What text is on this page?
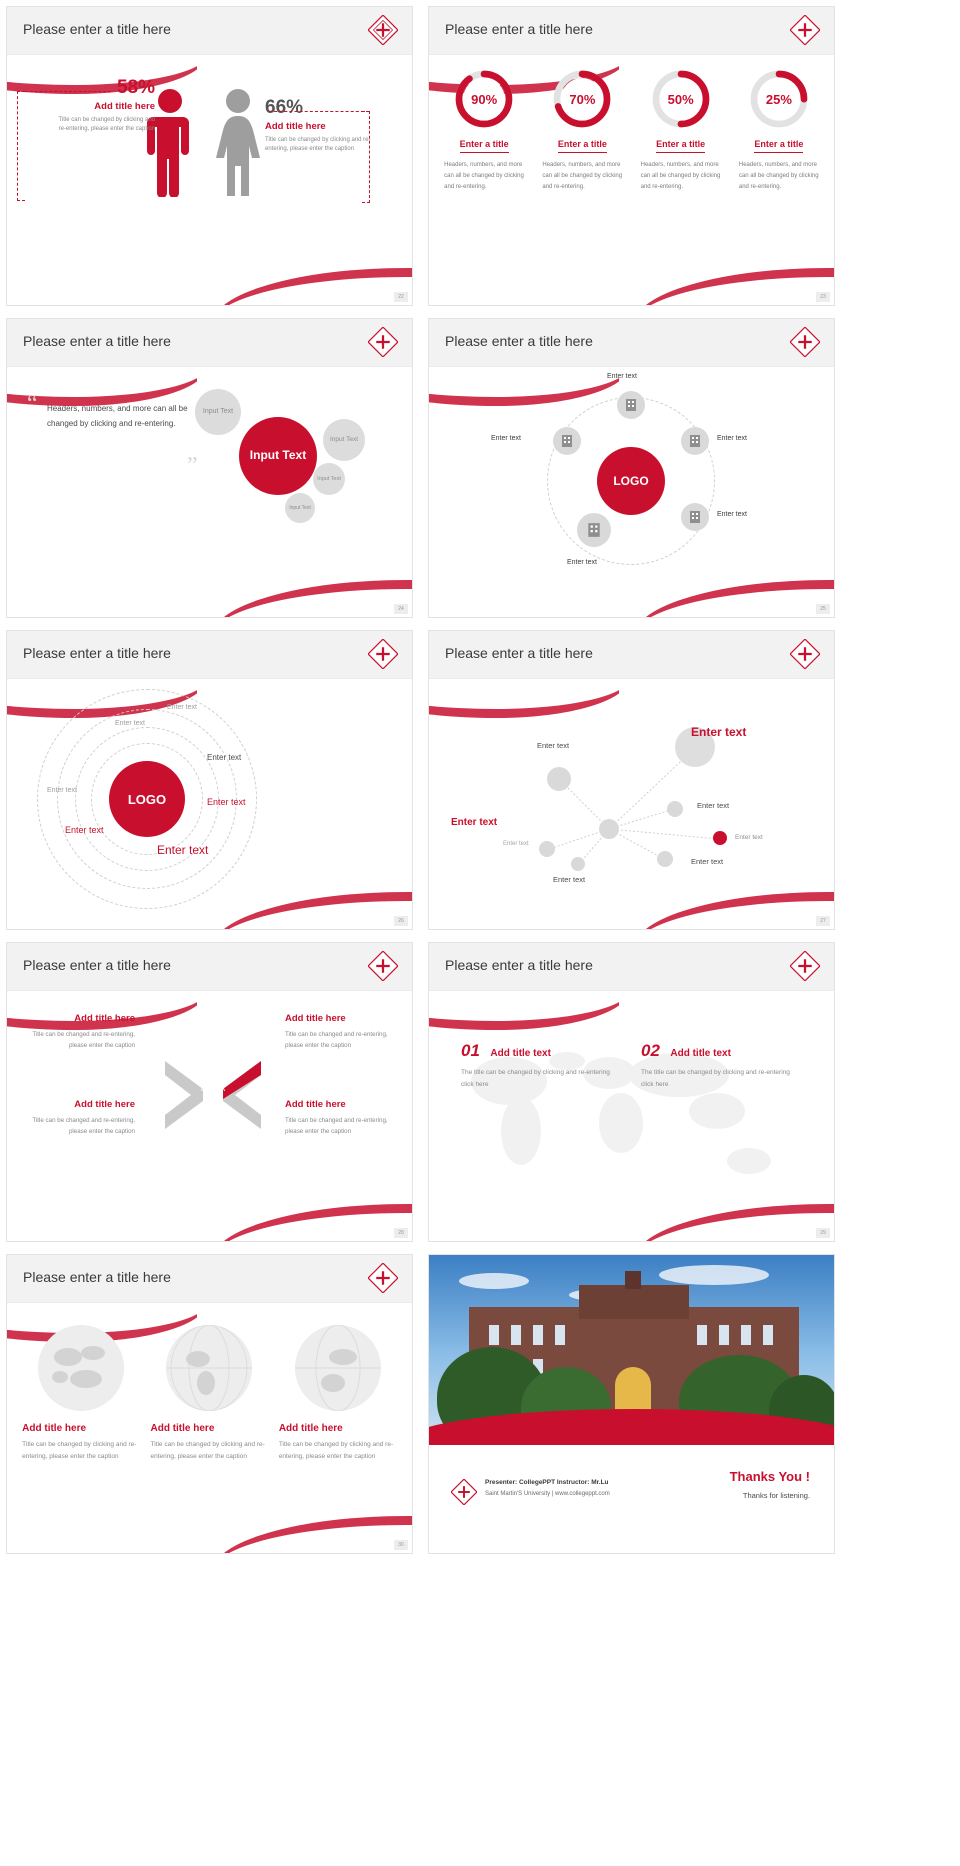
Please enter a title here
58%
Add title here
Title can be changed by clicking and re-entering, please enter the caption
66%
Add title here
Title can be changed by clicking and re-entering, please enter the caption
22
Please enter a title here
90%
Enter a title
Headers, numbers, and more can all be changed by clicking and re-entering.
70%
Enter a title
Headers, numbers, and more can all be changed by clicking and re-entering.
50%
Enter a title
Headers, numbers, and more can all be changed by clicking and re-entering.
25%
Enter a title
Headers, numbers, and more can all be changed by clicking and re-entering.
23
Please enter a title here
“ Headers, numbers, and more can all be changed by clicking and re-entering.
”
Input Text
Input Text
Input Text
Input Text
Input Text
24
Please enter a title here
LOGO
Enter text
Enter text	Enter text
Enter text
Enter text
25
Please enter a title here
LOGO
Enter text
Enter text
Enter text
Enter text
Enter text
Enter text
Enter text
26
Please enter a title here
Enter text
Enter text
Enter text
Enter text
Enter text
Enter text
Enter text
Enter text
27
Please enter a title here
D A
C B
Add title here
Title can be changed and re-entering, please enter the caption
Add title here
Title can be changed and re-entering, please enter the caption
Add title here
Title can be changed and re-entering, please enter the caption
Add title here
Title can be changed and re-entering, please enter the caption
28
Please enter a title here
01 Add title text
The title can be changed by clicking and re-entering click here
02 Add title text
The title can be changed by clicking and re-entering click here
29
Please enter a title here
Add title here
Title can be changed by clicking and re-entering, please enter the caption
Add title here
Title can be changed by clicking and re-entering, please enter the caption
Add title here
Title can be changed by clicking and re-entering, please enter the caption
30
Presenter: CollegePPT Instructor: Mr.Lu
Saint Martin'S University | www.collegeppt.com
Thanks You !
Thanks for listening.
